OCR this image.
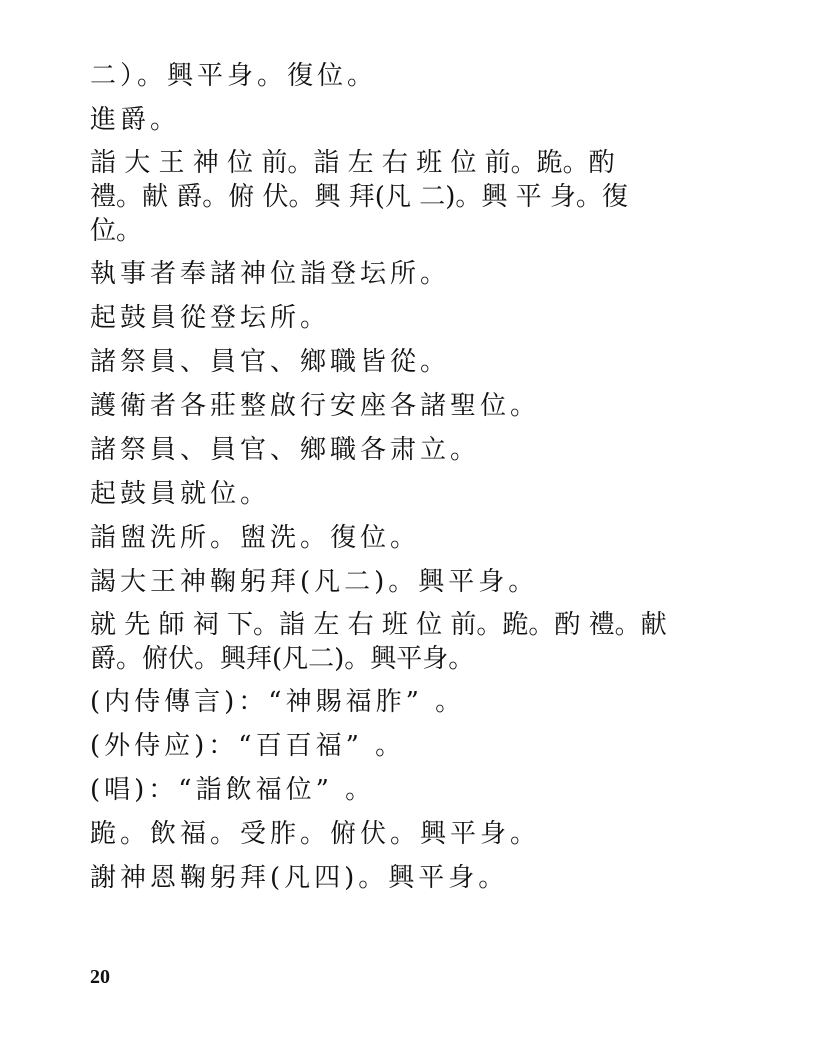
二）。興平身。復位。
進爵。
詣 大 王 神 位 前。詣 左 右 班 位 前。跪。酌
禮。献 爵。俯 伏。興 拜(凡 二)。興 平 身。復
位。
執事者奉諸神位詣登坛所。
起鼓員從登坛所。
諸祭員、員官、鄉職皆從。
護衛者各莊整啟行安座各諸聖位。
諸祭員、員官、鄉職各肃立。
起鼓員就位。
詣盥洗所。盥洗。復位。
謁大王神鞠躬拜(凡二)。興平身。
就 先 師 祠 下。詣 左 右 班 位 前。跪。酌 禮。献
爵。俯伏。興拜(凡二)。興平身。
(内侍傳言)：“神賜福胙” 。
(外侍应)：“百百福” 。
(唱)：“詣飲福位” 。
跪。飲福。受胙。俯伏。興平身。
謝神恩鞠躬拜(凡四)。興平身。
20
